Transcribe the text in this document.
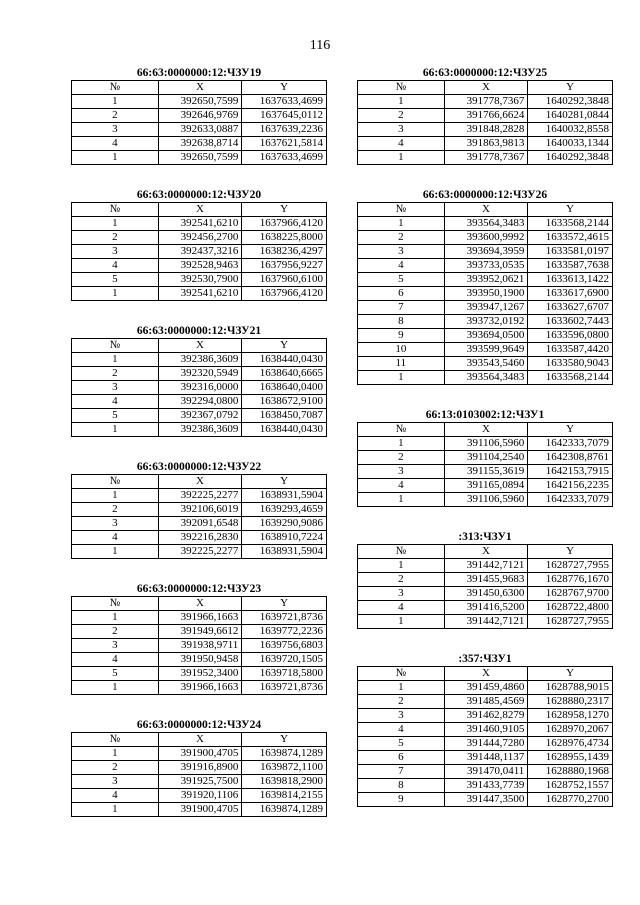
116
66:63:0000000:12:ЧЗУ19
№	X	Y
1	392650,7599	1637633,4699
2	392646,9769	1637645,0112
3	392633,0887	1637639,2236
4	392638,8714	1637621,5814
1	392650,7599	1637633,4699
66:63:0000000:12:ЧЗУ20
№	X	Y
1	392541,6210	1637966,4120
2	392456,2700	1638225,8000
3	392437,3216	1638236,4297
4	392528,9463	1637956,9227
5	392530,7900	1637960,6100
1	392541,6210	1637966,4120
66:63:0000000:12:ЧЗУ21
№	X	Y
1	392386,3609	1638440,0430
2	392320,5949	1638640,6665
3	392316,0000	1638640,0400
4	392294,0800	1638672,9100
5	392367,0792	1638450,7087
1	392386,3609	1638440,0430
66:63:0000000:12:ЧЗУ22
№	X	Y
1	392225,2277	1638931,5904
2	392106,6019	1639293,4659
3	392091,6548	1639290,9086
4	392216,2830	1638910,7224
1	392225,2277	1638931,5904
66:63:0000000:12:ЧЗУ23
№	X	Y
1	391966,1663	1639721,8736
2	391949,6612	1639772,2236
3	391938,9711	1639756,6803
4	391950,9458	1639720,1505
5	391952,3400	1639718,5800
1	391966,1663	1639721,8736
66:63:0000000:12:ЧЗУ24
№	X	Y
1	391900,4705	1639874,1289
2	391916,8900	1639872,1100
3	391925,7500	1639818,2900
4	391920,1106	1639814,2155
1	391900,4705	1639874,1289
66:63:0000000:12:ЧЗУ25
№	X	Y
1	391778,7367	1640292,3848
2	391766,6624	1640281,0844
3	391848,2828	1640032,8558
4	391863,9813	1640033,1344
1	391778,7367	1640292,3848
66:63:0000000:12:ЧЗУ26
№	X	Y
1	393564,3483	1633568,2144
2	393600,9992	1633572,4615
3	393694,3959	1633581,0197
4	393733,0535	1633587,7638
5	393952,0621	1633613,1422
6	393950,1900	1633617,6900
7	393947,1267	1633627,6707
8	393732,0192	1633602,7443
9	393694,0500	1633596,0800
10	393599,9649	1633587,4420
11	393543,5460	1633580,9043
1	393564,3483	1633568,2144
66:13:0103002:12:ЧЗУ1
№	X	Y
1	391106,5960	1642333,7079
2	391104,2540	1642308,8761
3	391155,3619	1642153,7915
4	391165,0894	1642156,2235
1	391106,5960	1642333,7079
:313:ЧЗУ1
№	X	Y
1	391442,7121	1628727,7955
2	391455,9683	1628776,1670
3	391450,6300	1628767,9700
4	391416,5200	1628722,4800
1	391442,7121	1628727,7955
:357:ЧЗУ1
№	X	Y
1	391459,4860	1628788,9015
2	391485,4569	1628880,2317
3	391462,8279	1628958,1270
4	391460,9105	1628970,2067
5	391444,7280	1628976,4734
6	391448,1137	1628955,1439
7	391470,0411	1628880,1968
8	391433,7739	1628752,1557
9	391447,3500	1628770,2700
